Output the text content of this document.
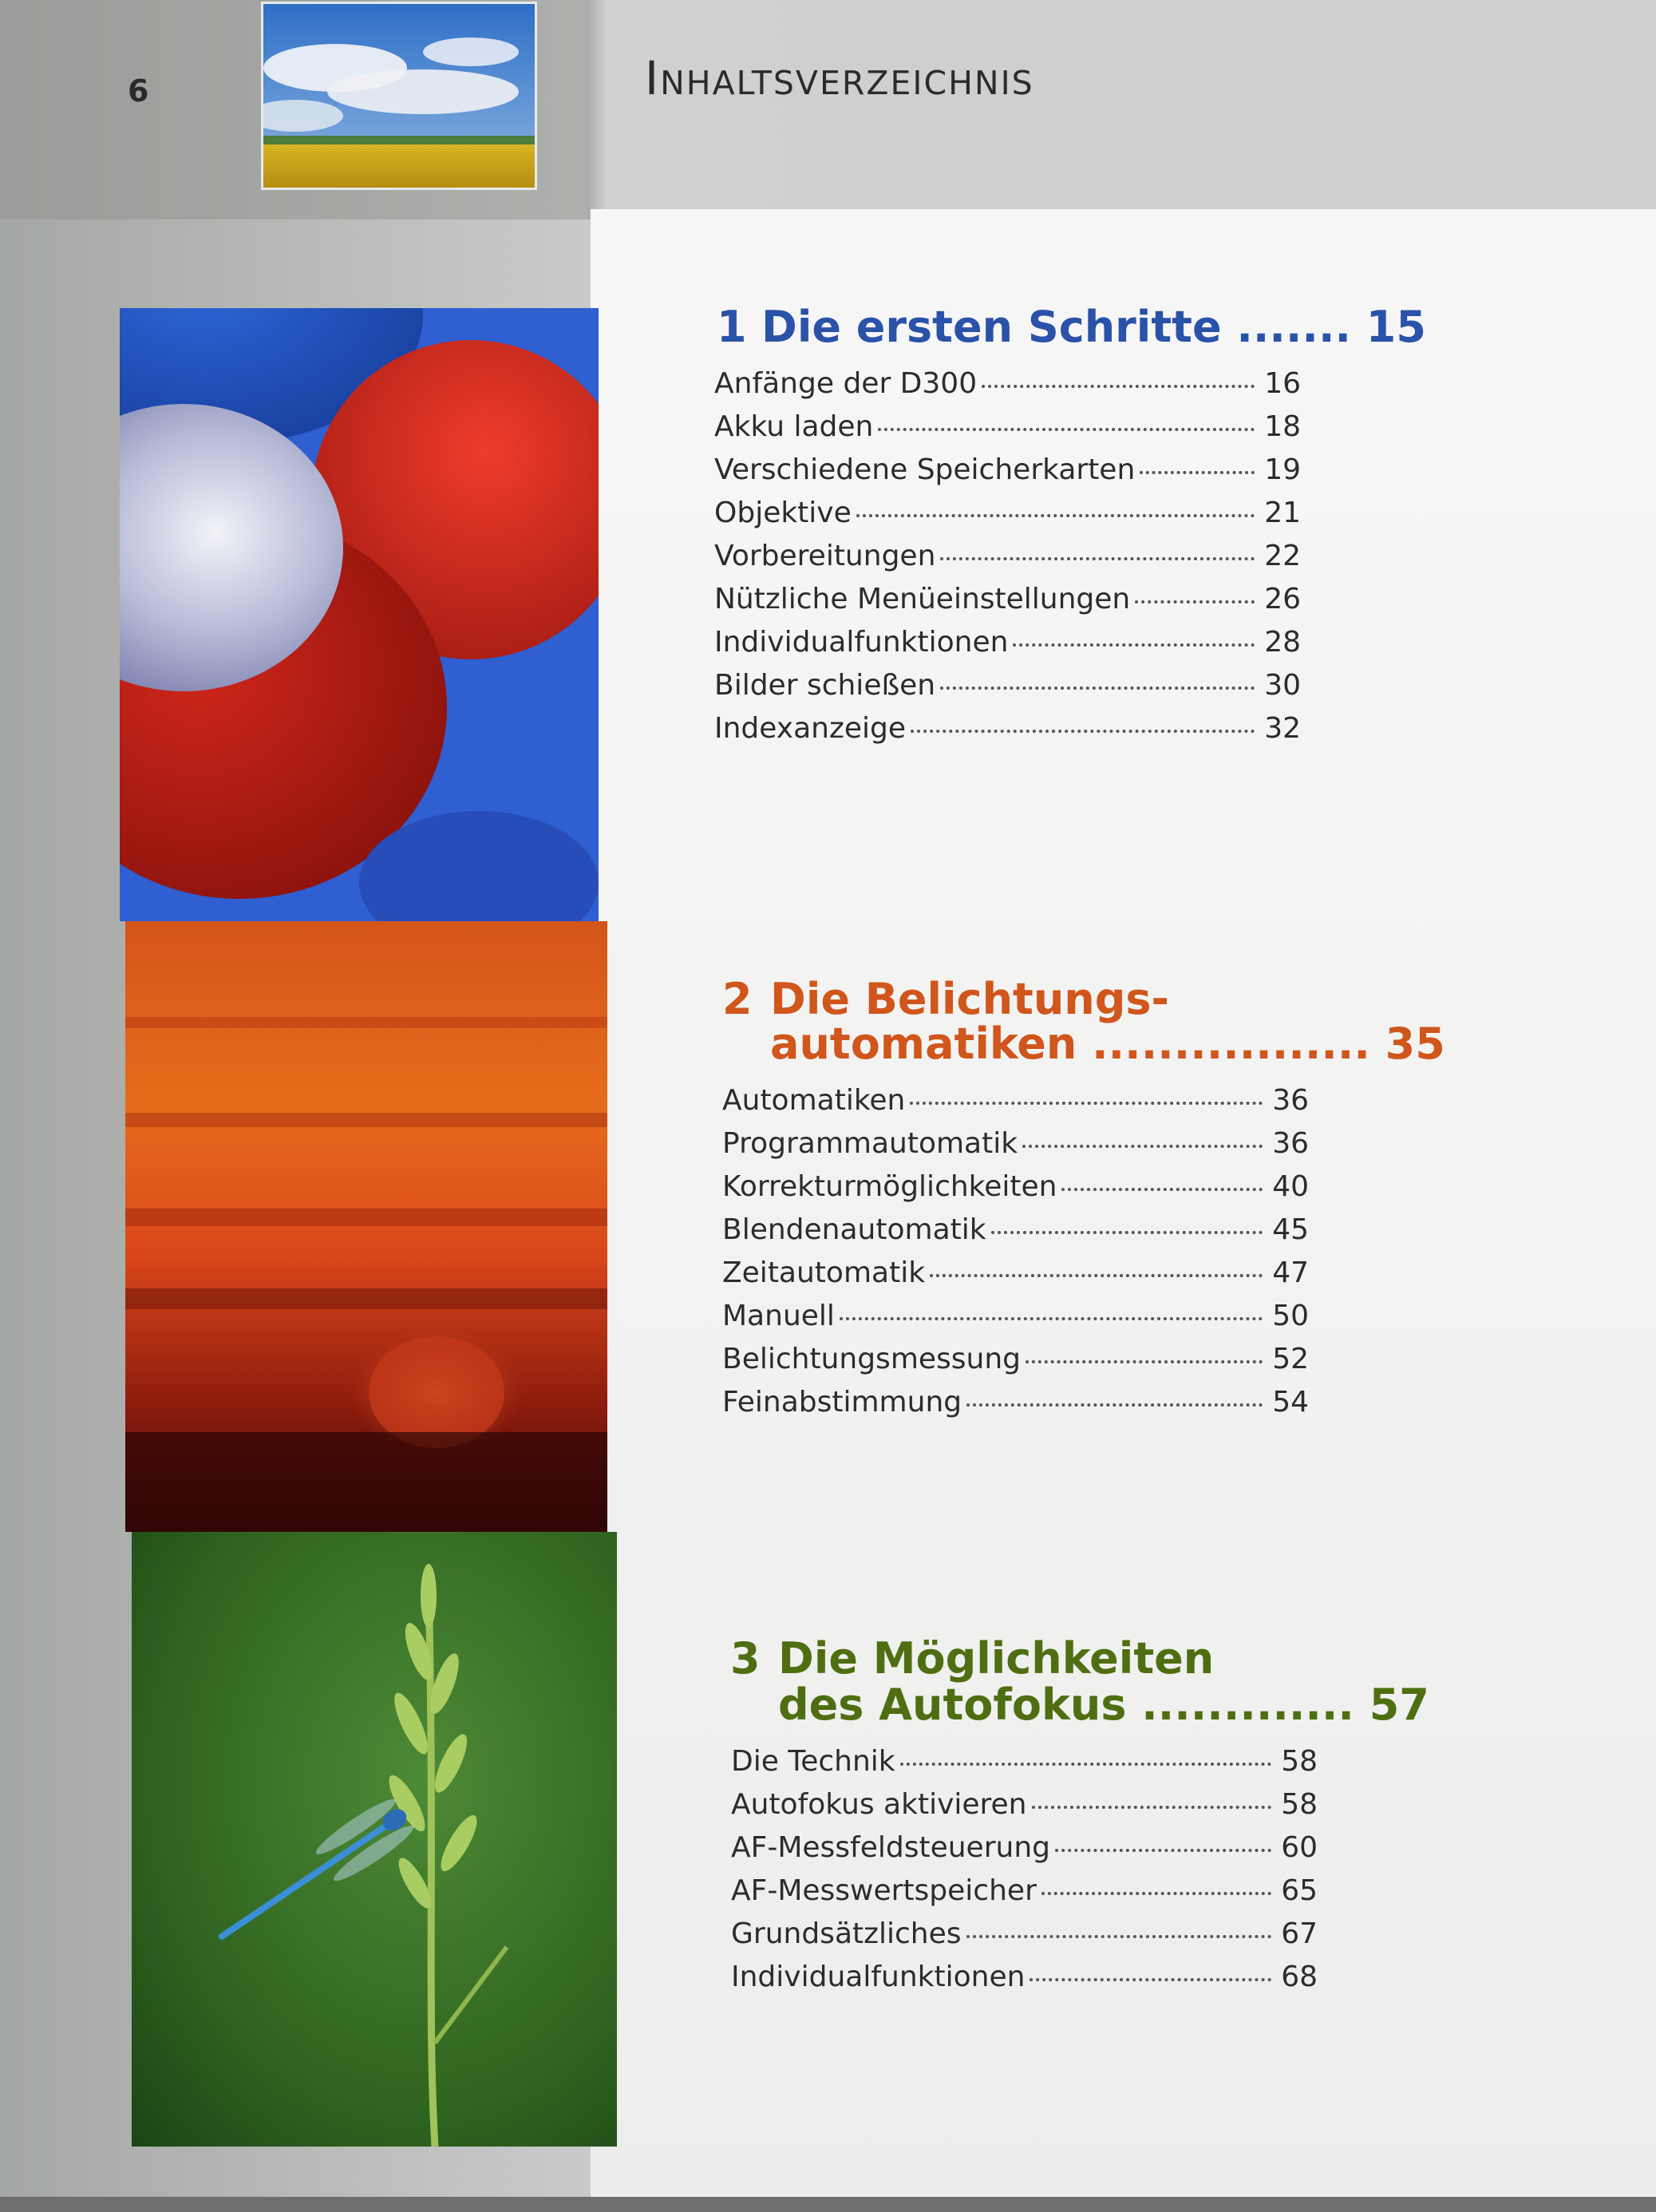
6	Inhaltsverzeichnis
1 Die ersten Schritte ....... 15
Anfänge der D300	16
Akku laden	18
Verschiedene Speicherkarten	19
Objektive	21
Vorbereitungen	22
Nützliche Menüeinstellungen	26
Individualfunktionen	28
Bilder schießen	30
Indexanzeige	32
2 Die Belichtungs-
automatiken ................. 35
Automatiken	36
Programmautomatik	36
Korrekturmöglichkeiten	40
Blendenautomatik	45
Zeitautomatik	47
Manuell	50
Belichtungsmessung	52
Feinabstimmung	54
3 Die Möglichkeiten
des Autofokus ............. 57
Die Technik	58
Autofokus aktivieren	58
AF-Messfeldsteuerung	60
AF-Messwertspeicher	65
Grundsätzliches	67
Individualfunktionen	68
